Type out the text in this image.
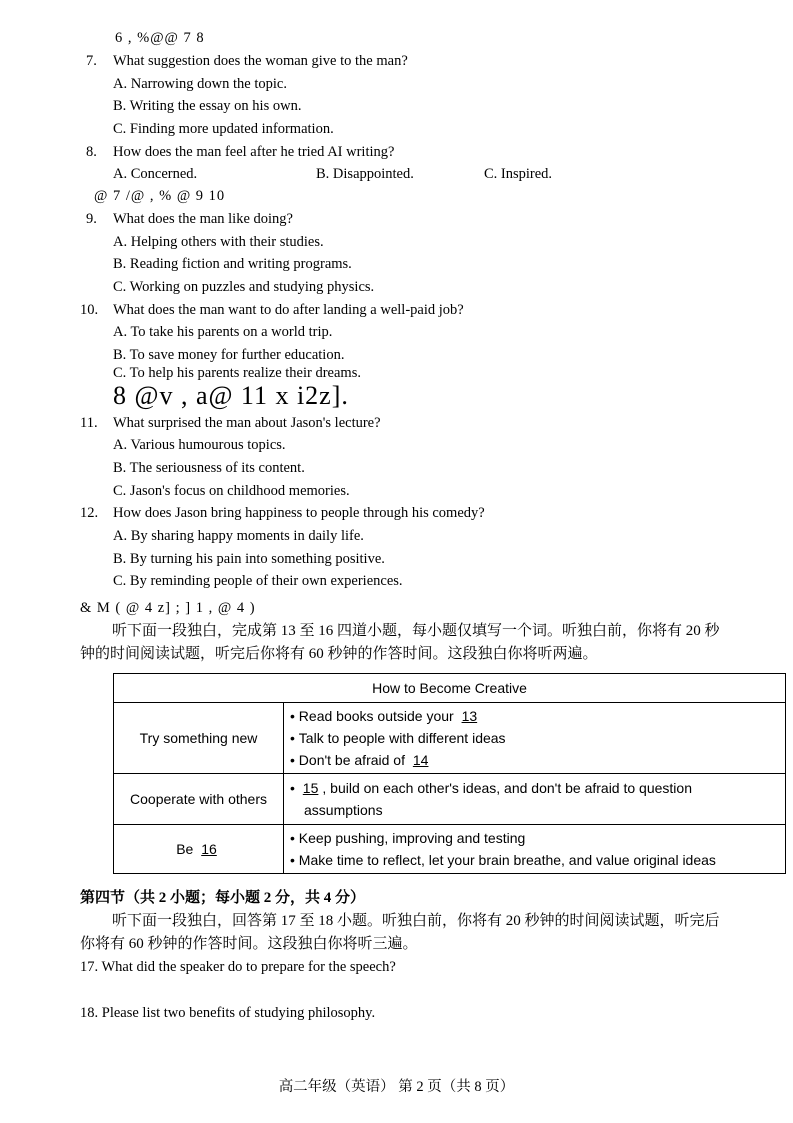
6 , %@@ 7 8
7. What suggestion does the woman give to the man?
A. Narrowing down the topic.
B. Writing the essay on his own.
C. Finding more updated information.
8. How does the man feel after he tried AI writing?
A. Concerned.	B. Disappointed.	C. Inspired.
@ 7 /@ , % @ 9 10
9. What does the man like doing?
A. Helping others with their studies.
B. Reading fiction and writing programs.
C. Working on puzzles and studying physics.
10. What does the man want to do after landing a well-paid job?
A. To take his parents on a world trip.
B. To save money for further education.
C. To help his parents realize their dreams.
8 @v , a@ 11 x i2z].
11. What surprised the man about Jason's lecture?
A. Various humourous topics.
B. The seriousness of its content.
C. Jason's focus on childhood memories.
12. How does Jason bring happiness to people through his comedy?
A. By sharing happy moments in daily life.
B. By turning his pain into something positive.
C. By reminding people of their own experiences.
& M ( @ 4 z] ; ] 1 , @ 4 )
听下面一段独白，完成第 13 至 16 四道小题，每小题仅填写一个词。听独白前，你将有 20 秒
钟的时间阅读试题，听完后你将有 60 秒钟的作答时间。这段独白你将听两遍。
How to Become Creative	
Try something new	• Read books outside your 13
• Talk to people with different ideas
• Don't be afraid of 14

Cooperate with others	• 15 , build on each other's ideas, and don't be afraid to question
assumptions

Be 16	• Keep pushing, improving and testing
• Make time to reflect, let your brain breathe, and value original ideas
第四节（共 2 小题；每小题 2 分，共 4 分）
听下面一段独白，回答第 17 至 18 小题。听独白前，你将有 20 秒钟的时间阅读试题，听完后
你将有 60 秒钟的作答时间。这段独白你将听三遍。
17. What did the speaker do to prepare for the speech?
18. Please list two benefits of studying philosophy.
高二年级（英语） 第 2 页（共 8 页）
